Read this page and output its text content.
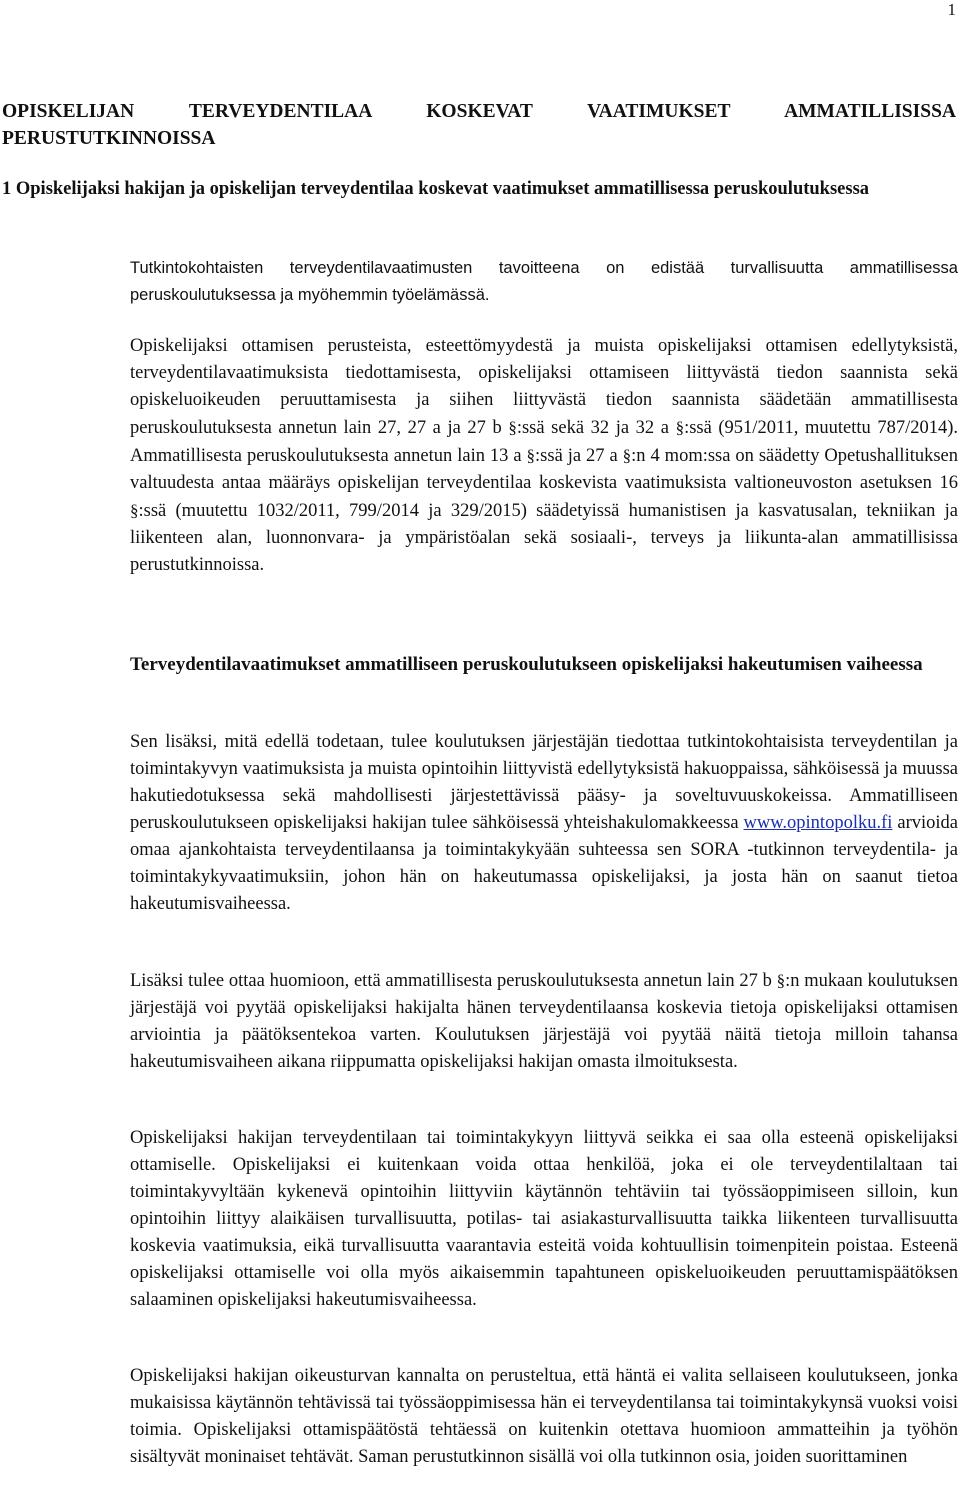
1
OPISKELIJAN TERVEYDENTILAA KOSKEVAT VAATIMUKSET AMMATILLISISSA PERUSTUTKINNOISSA
1 Opiskelijaksi hakijan ja opiskelijan terveydentilaa koskevat vaatimukset ammatillisessa peruskoulutuksessa

Tutkintokohtaisten terveydentilavaatimusten tavoitteena on edistää turvallisuutta ammatillisessa peruskoulutuksessa ja myöhemmin työelämässä.

Opiskelijaksi ottamisen perusteista, esteettömyydestä ja muista opiskelijaksi ottamisen edellytyksistä, terveydentilavaatimuksista tiedottamisesta, opiskelijaksi ottamiseen liittyvästä tiedon saannista sekä opiskeluoikeuden peruuttamisesta ja siihen liittyvästä tiedon saannista säädetään ammatillisesta peruskoulutuksesta annetun lain 27, 27 a ja 27 b §:ssä sekä 32 ja 32 a §:ssä (951/2011, muutettu 787/2014). Ammatillisesta peruskoulutuksesta annetun lain 13 a §:ssä ja 27 a §:n 4 mom:ssa on säädetty Opetushallituksen valtuudesta antaa määräys opiskelijan terveydentilaa koskevista vaatimuksista valtioneuvoston asetuksen 16 §:ssä (muutettu 1032/2011, 799/2014 ja 329/2015) säädetyissä humanistisen ja kasvatusalan, tekniikan ja liikenteen alan, luonnonvara- ja ympäristöalan sekä sosiaali-, terveys ja liikunta-alan ammatillisissa perustutkinnoissa.

Terveydentilavaatimukset ammatilliseen peruskoulutukseen opiskelijaksi hakeutumisen vaiheessa

Sen lisäksi, mitä edellä todetaan, tulee koulutuksen järjestäjän tiedottaa tutkintokohtaisista terveydentilan ja toimintakyvyn vaatimuksista ja muista opintoihin liittyvistä edellytyksistä hakuoppaissa, sähköisessä ja muussa hakutiedotuksessa sekä mahdollisesti järjestettävissä pääsy- ja soveltuvuuskokeissa. Ammatilliseen peruskoulutukseen opiskelijaksi hakijan tulee sähköisessä yhteishakulomakkeessa www.opintopolku.fi arvioida omaa ajankohtaista terveydentilaansa ja toimintakykyään suhteessa sen SORA -tutkinnon terveydentila- ja toimintakykyvaatimuksiin, johon hän on hakeutumassa opiskelijaksi, ja josta hän on saanut tietoa hakeutumisvaiheessa.

Lisäksi tulee ottaa huomioon, että ammatillisesta peruskoulutuksesta annetun lain 27 b §:n mukaan koulutuksen järjestäjä voi pyytää opiskelijaksi hakijalta hänen terveydentilaansa koskevia tietoja opiskelijaksi ottamisen arviointia ja päätöksentekoa varten. Koulutuksen järjestäjä voi pyytää näitä tietoja milloin tahansa hakeutumisvaiheen aikana riippumatta opiskelijaksi hakijan omasta ilmoituksesta.

Opiskelijaksi hakijan terveydentilaan tai toimintakykyyn liittyvä seikka ei saa olla esteenä opiskelijaksi ottamiselle. Opiskelijaksi ei kuitenkaan voida ottaa henkilöä, joka ei ole terveydentilaltaan tai toimintakyvyltään kykenevä opintoihin liittyviin käytännön tehtäviin tai työssäoppimiseen silloin, kun opintoihin liittyy alaikäisen turvallisuutta, potilas- tai asiakasturvallisuutta taikka liikenteen turvallisuutta koskevia vaatimuksia, eikä turvallisuutta vaarantavia esteitä voida kohtuullisin toimenpitein poistaa. Esteenä opiskelijaksi ottamiselle voi olla myös aikaisemmin tapahtuneen opiskeluoikeuden peruuttamispäätöksen salaaminen opiskelijaksi hakeutumisvaiheessa.

Opiskelijaksi hakijan oikeusturvan kannalta on perusteltua, että häntä ei valita sellaiseen koulutukseen, jonka mukaisissa käytännön tehtävissä tai työssäoppimisessa hän ei terveydentilansa tai toimintakykynsä vuoksi voisi toimia. Opiskelijaksi ottamispäätöstä tehtäessä on kuitenkin otettava huomioon ammatteihin ja työhön sisältyvät moninaiset tehtävät. Saman perustutkinnon sisällä voi olla tutkinnon osia, joiden suorittaminen
